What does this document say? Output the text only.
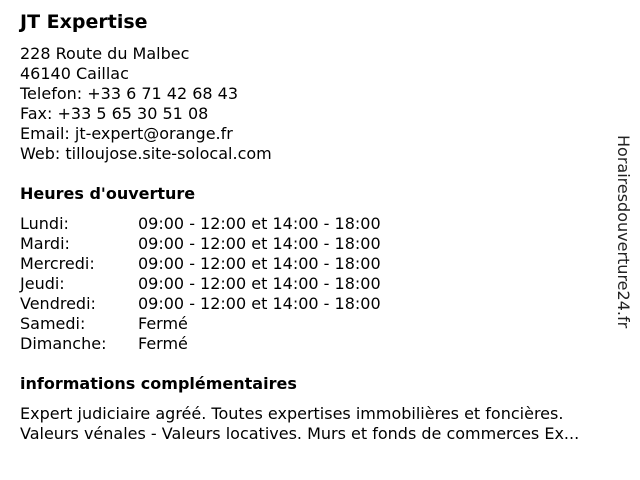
JT Expertise
228 Route du Malbec
46140 Caillac
Telefon: +33 6 71 42 68 43
Fax: +33 5 65 30 51 08
Email: jt-expert@orange.fr
Web: tilloujose.site-solocal.com
Heures d'ouverture
Lundi:	09:00 - 12:00 et 14:00 - 18:00
Mardi:	09:00 - 12:00 et 14:00 - 18:00
Mercredi:	09:00 - 12:00 et 14:00 - 18:00
Jeudi:	09:00 - 12:00 et 14:00 - 18:00
Vendredi:	09:00 - 12:00 et 14:00 - 18:00
Samedi:	Fermé
Dimanche:	Fermé
informations complémentaires
Expert judiciaire agréé. Toutes expertises immobilières et foncières.
Valeurs vénales - Valeurs locatives. Murs et fonds de commerces Ex...
Horairesdouverture24.fr
